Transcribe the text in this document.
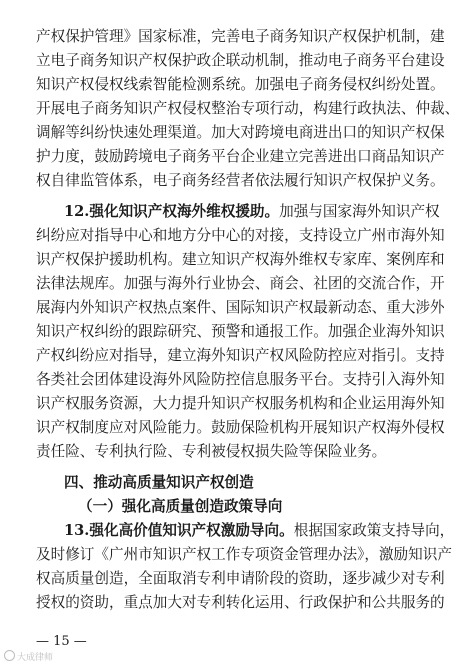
产权保护管理》国家标准，完善电子商务知识产权保护机制，建
立电子商务知识产权保护政企联动机制，推动电子商务平台建设
知识产权侵权线索智能检测系统。加强电子商务侵权纠纷处置。
开展电子商务知识产权侵权整治专项行动，构建行政执法、仲裁、
调解等纠纷快速处理渠道。加大对跨境电商进出口的知识产权保
护力度，鼓励跨境电子商务平台企业建立完善进出口商品知识产
权自律监管体系，电子商务经营者依法履行知识产权保护义务。
12.强化知识产权海外维权援助。加强与国家海外知识产权
纠纷应对指导中心和地方分中心的对接，支持设立广州市海外知
识产权保护援助机构。建立知识产权海外维权专家库、案例库和
法律法规库。加强与海外行业协会、商会、社团的交流合作，开
展海内外知识产权热点案件、国际知识产权最新动态、重大涉外
知识产权纠纷的跟踪研究、预警和通报工作。加强企业海外知识
产权纠纷应对指导，建立海外知识产权风险防控应对指引。支持
各类社会团体建设海外风险防控信息服务平台。支持引入海外知
识产权服务资源，大力提升知识产权服务机构和企业运用海外知
识产权制度应对风险能力。鼓励保险机构开展知识产权海外侵权
责任险、专利执行险、专利被侵权损失险等保险业务。
四、推动高质量知识产权创造
（一）强化高质量创造政策导向
13.强化高价值知识产权激励导向。根据国家政策支持导向，
及时修订《广州市知识产权工作专项资金管理办法》，激励知识产
权高质量创造，全面取消专利申请阶段的资助，逐步减少对专利
授权的资助，重点加大对专利转化运用、行政保护和公共服务的
— 15 —
大成律师
